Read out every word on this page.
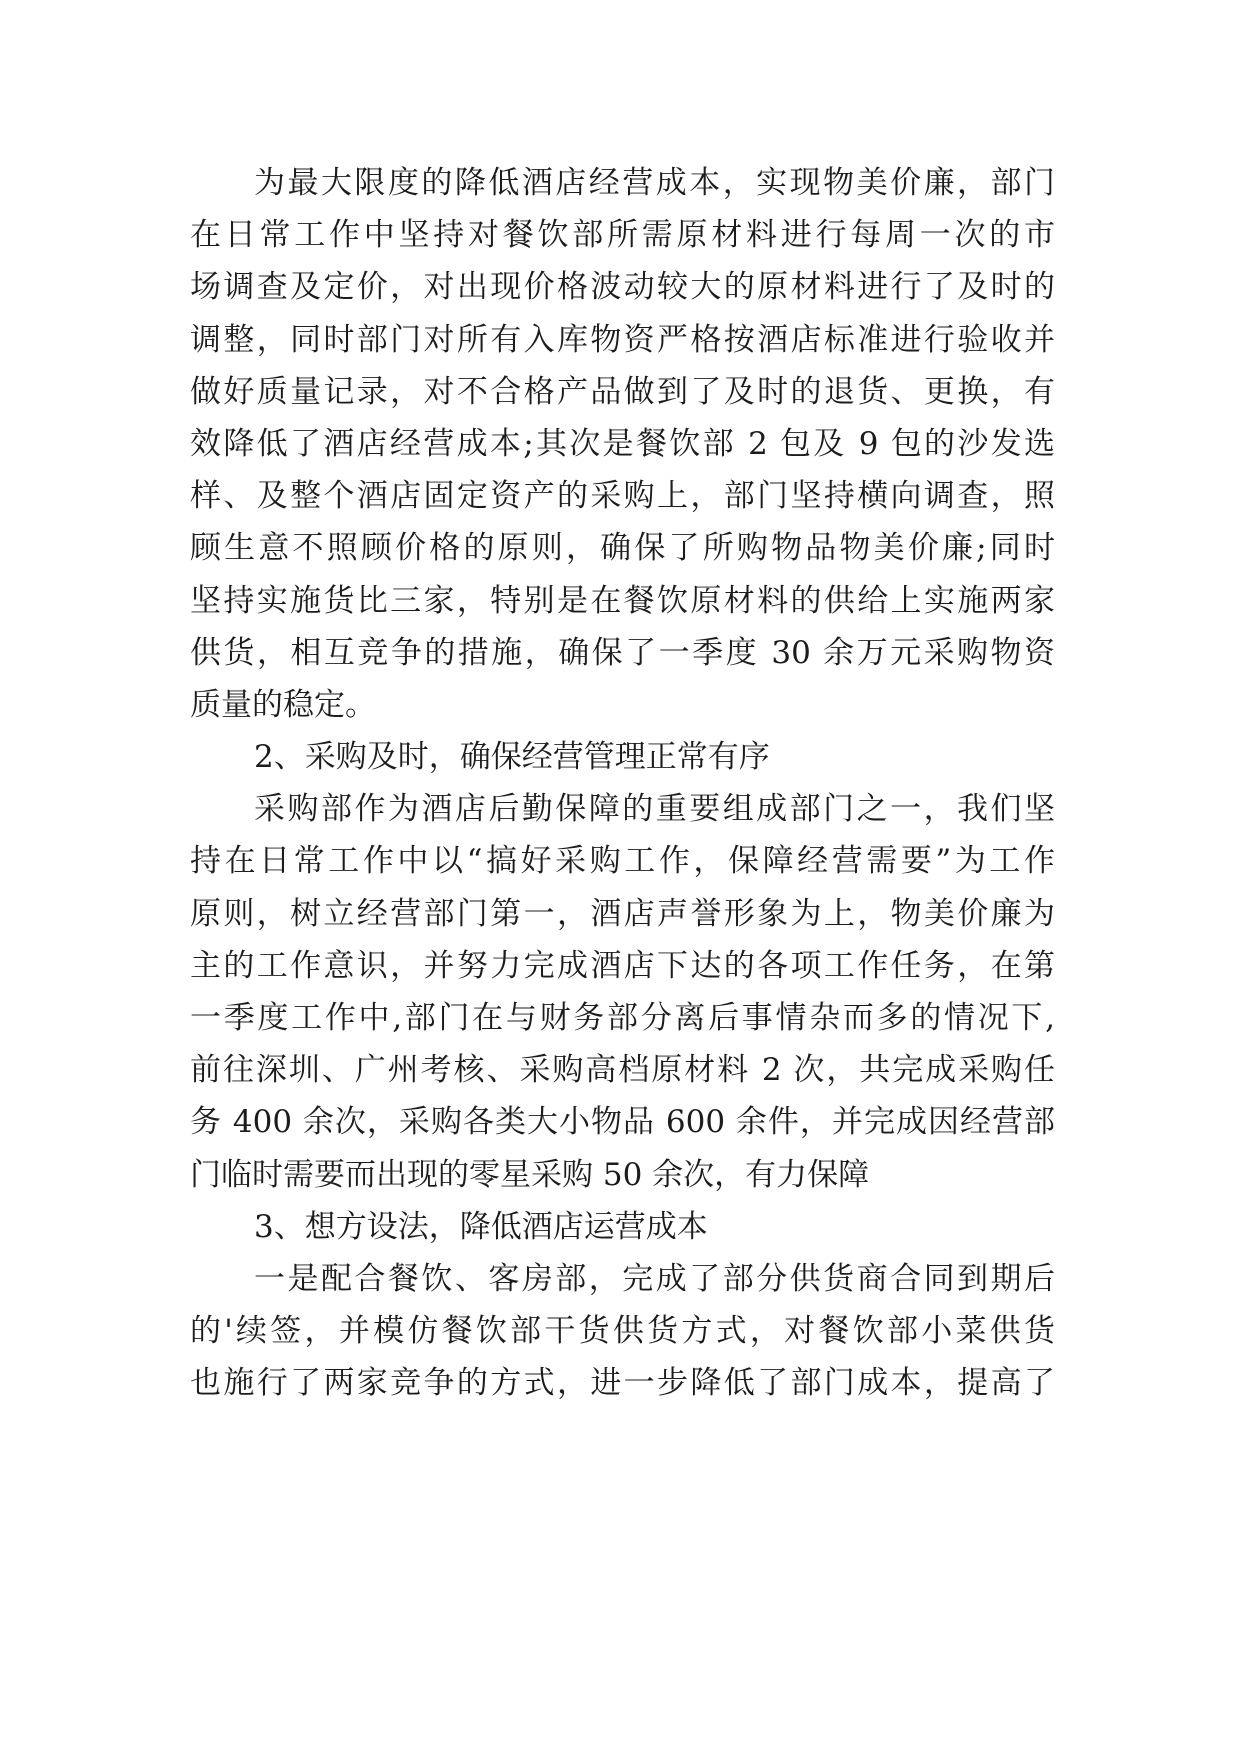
为最大限度的降低酒店经营成本，实现物美价廉，部门
在日常工作中坚持对餐饮部所需原材料进行每周一次的市
场调查及定价，对出现价格波动较大的原材料进行了及时的
调整，同时部门对所有入库物资严格按酒店标准进行验收并
做好质量记录，对不合格产品做到了及时的退货、更换，有
效降低了酒店经营成本;其次是餐饮部 2 包及 9 包的沙发选
样、及整个酒店固定资产的采购上，部门坚持横向调查，照
顾生意不照顾价格的原则，确保了所购物品物美价廉;同时
坚持实施货比三家，特别是在餐饮原材料的供给上实施两家
供货，相互竞争的措施，确保了一季度 30 余万元采购物资
质量的稳定。
2、采购及时，确保经营管理正常有序
采购部作为酒店后勤保障的重要组成部门之一，我们坚
持在日常工作中以“搞好采购工作，保障经营需要”为工作
原则，树立经营部门第一，酒店声誉形象为上，物美价廉为
主的工作意识，并努力完成酒店下达的各项工作任务，在第
一季度工作中,部门在与财务部分离后事情杂而多的情况下,
前往深圳、广州考核、采购高档原材料 2 次，共完成采购任
务 400 余次，采购各类大小物品 600 余件，并完成因经营部
门临时需要而出现的零星采购 50 余次，有力保障
3、想方设法，降低酒店运营成本
一是配合餐饮、客房部，完成了部分供货商合同到期后
的'续签，并模仿餐饮部干货供货方式，对餐饮部小菜供货
也施行了两家竞争的方式，进一步降低了部门成本，提高了
